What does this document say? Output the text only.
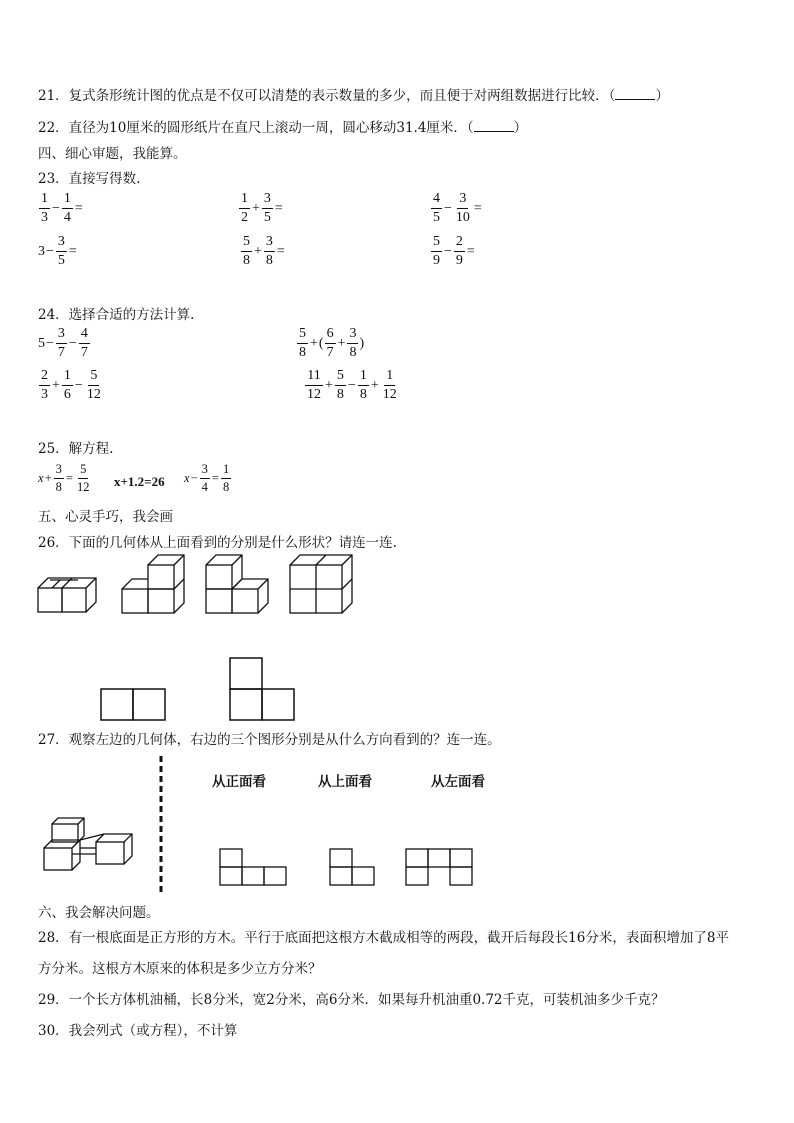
21．复式条形统计图的优点是不仅可以清楚的表示数量的多少，而且便于对两组数据进行比较．（	）
22．直径为10厘米的圆形纸片在直尺上滚动一周，圆心移动31.4厘米．（	）
四、细心审题，我能算。
23．直接写得数.
$\frac{1}{3} - \frac{1}{4}$ =	$\frac{1}{2} + \frac{3}{5}$ =	$\frac{4}{5} - \frac{3}{10}$ =
$3 - \frac{3}{5}$ =	$\frac{5}{8} + \frac{3}{8}$ =	$\frac{5}{9} - \frac{2}{9}$ =
24．选择合适的方法计算.
$5 - \frac{3}{7} - \frac{4}{7}$	$\frac{5}{8}$ + ( $\frac{6}{7} + \frac{3}{8}$ )
$\frac{2}{3} + \frac{1}{6} - \frac{5}{12}$	$\frac{11}{12} + \frac{5}{8} - \frac{1}{8} + \frac{1}{12}$
25．解方程.
$x + \frac{3}{8} = \frac{5}{12} x+1.2=26$ $x - \frac{3}{4} = \frac{1}{8}$
五、心灵手巧，我会画
26．下面的几何体从上面看到的分别是什么形状？请连一连.
27．观察左边的几何体，右边的三个图形分别是从什么方向看到的？连一连。
从正面看	从上面看	从左面看
六、我会解决问题。
28．有一根底面是正方形的方木。平行于底面把这根方木截成相等的两段，截开后每段长16分米，表面积增加了8平
方分米。这根方木原来的体积是多少立方分米？
29．一个长方体机油桶，长8分米，宽2分米，高6分米．如果每升机油重0.72千克，可装机油多少千克？
30．我会列式（或方程），不计算
